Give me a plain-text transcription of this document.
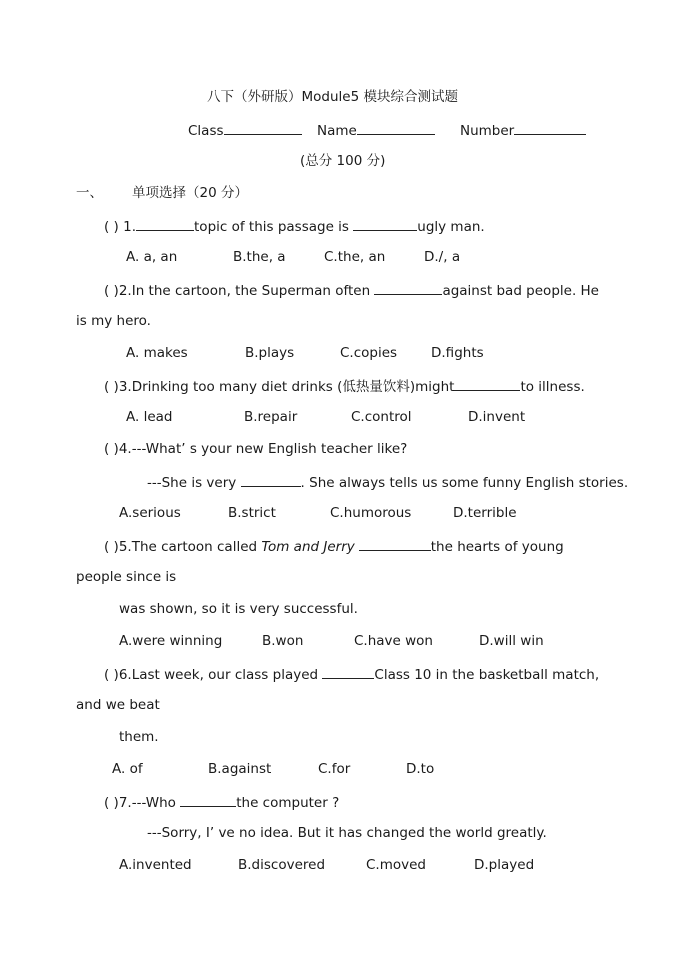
八下（外研版）Module5 模块综合测试题
Class	Name	Number
(总分 100 分)
一、 单项选择（20 分）
( ) 1.	topic of this passage is	ugly man.
A. a, an	B.the, a	C.the, an	D./, a
( )2.In the cartoon, the Superman often	against bad people. He
is my hero.
A. makes	B.plays	C.copies	D.fights
( )3.Drinking too many diet drinks (低热量饮料)might	to illness.
A. lead	B.repair	C.control	D.invent
( )4.---What’ s your new English teacher like?
---She is very	. She always tells us some funny English stories.
A.serious	B.strict	C.humorous	D.terrible
( )5.The cartoon called Tom and Jerry	the hearts of young
people since is
was shown, so it is very successful.
A.were winning	B.won	C.have won	D.will win
( )6.Last week, our class played	Class 10 in the basketball match,
and we beat
them.
A. of	B.against	C.for	D.to
( )7.---Who	the computer ?
---Sorry, I’ ve no idea. But it has changed the world greatly.
A.invented	B.discovered	C.moved	D.played
